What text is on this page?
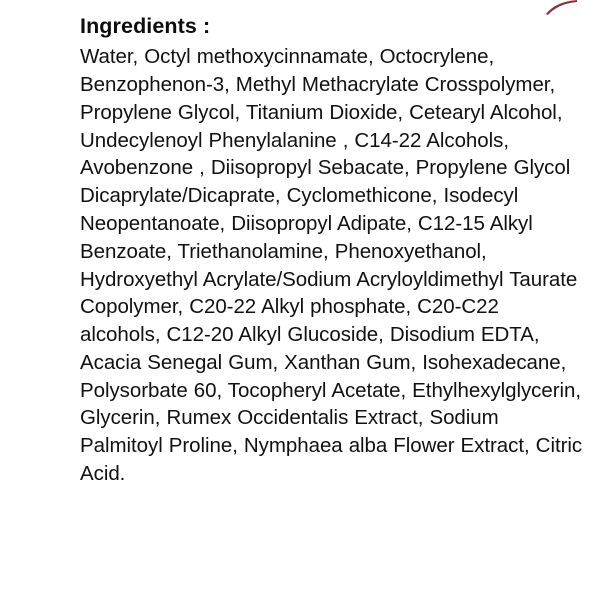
Ingredients :
Water, Octyl methoxycinnamate, Octocrylene, Benzophenon-3, Methyl Methacrylate Crosspolymer, Propylene Glycol, Titanium Dioxide, Cetearyl Alcohol, Undecylenoyl Phenylalanine , C14-22 Alcohols, Avobenzone , Diisopropyl Sebacate, Propylene Glycol Dicaprylate/Dicaprate, Cyclomethicone, Isodecyl Neopentanoate, Diisopropyl Adipate, C12-15 Alkyl Benzoate, Triethanolamine, Phenoxyethanol, Hydroxyethyl Acrylate/Sodium Acryloyldimethyl Taurate Copolymer, C20-22 Alkyl phosphate, C20-C22 alcohols, C12-20 Alkyl Glucoside, Disodium EDTA, Acacia Senegal Gum, Xanthan Gum, Isohexadecane, Polysorbate 60, Tocopheryl Acetate, Ethylhexylglycerin, Glycerin, Rumex Occidentalis Extract, Sodium Palmitoyl Proline, Nymphaea alba Flower Extract, Citric Acid.
